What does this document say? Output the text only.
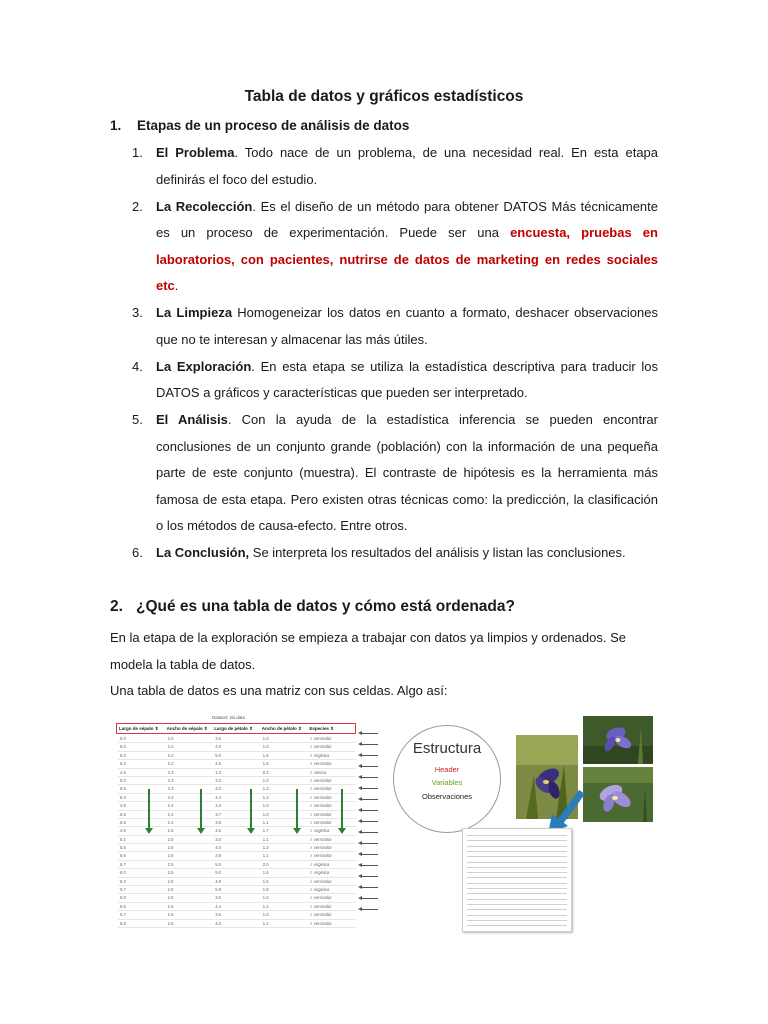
Tabla de datos y gráficos estadísticos
1. Etapas de un proceso de análisis de datos
1. El Problema. Todo nace de un problema, de una necesidad real. En esta etapa definirás el foco del estudio.
2. La Recolección. Es el diseño de un método para obtener DATOS Más técnicamente es un proceso de experimentación. Puede ser una encuesta, pruebas en laboratorios, con pacientes, nutrirse de datos de marketing en redes sociales etc.
3. La Limpieza Homogeneizar los datos en cuanto a formato, deshacer observaciones que no te interesan y almacenar las más útiles.
4. La Exploración. En esta etapa se utiliza la estadística descriptiva para traducir los DATOS a gráficos y características que pueden ser interpretado.
5. El Análisis. Con la ayuda de la estadística inferencia se pueden encontrar conclusiones de un conjunto grande (población) con la información de una pequeña parte de este conjunto (muestra). El contraste de hipótesis es la herramienta más famosa de esta etapa. Pero existen otras técnicas como: la predicción, la clasificación o los métodos de causa-efecto. Entre otros.
6. La Conclusión, Se interpreta los resultados del análisis y listan las conclusiones.
2. ¿Qué es una tabla de datos y cómo está ordenada?
En la etapa de la exploración se empieza a trabajar con datos ya limpios y ordenados. Se modela la tabla de datos.
Una tabla de datos es una matriz con sus celdas. Algo así:
Dataset: iris.data
Largo de sépalo ⇕	Ancho de sépalo ⇕	Largo de pétalo ⇕	Ancho de pétalo ⇕	Especies ⇕
5.0	2.0	3.5	1.0	I. versicolor
6.0	2.2	4.0	1.0	I. versicolor
6.0	2.2	5.0	1.5	I. virginica
6.2	2.2	4.5	1.5	I. versicolor
4.5	2.3	1.3	0.3	I. setosa
5.0	2.3	3.3	1.0	I. versicolor
5.5	2.3	4.0	1.3	I. versicolor
6.3	2.3	4.4	1.3	I. versicolor
4.9	2.4	3.3	1.0	I. versicolor
5.5	2.4	3.7	1.0	I. versicolor
5.5	2.4	3.8	1.1	I. versicolor
4.9	2.5	4.5	1.7	I. virginica
5.1	2.5	3.0	1.1	I. versicolor
5.5	2.5	4.0	1.3	I. versicolor
5.6	2.5	3.9	1.1	I. versicolor
5.7	2.5	5.0	2.0	I. virginica
6.0	2.5	5.0	1.6	I. virginica
6.3	2.5	4.9	1.5	I. versicolor
6.7	2.5	5.8	1.8	I. virginica
5.0	2.6	3.5	1.0	I. versicolor
5.5	2.6	4.4	1.2	I. versicolor
5.7	2.6	3.5	1.0	I. versicolor
5.8	2.6	4.0	1.2	I. versicolor
Estructura
Header
Variables
Observaciones
